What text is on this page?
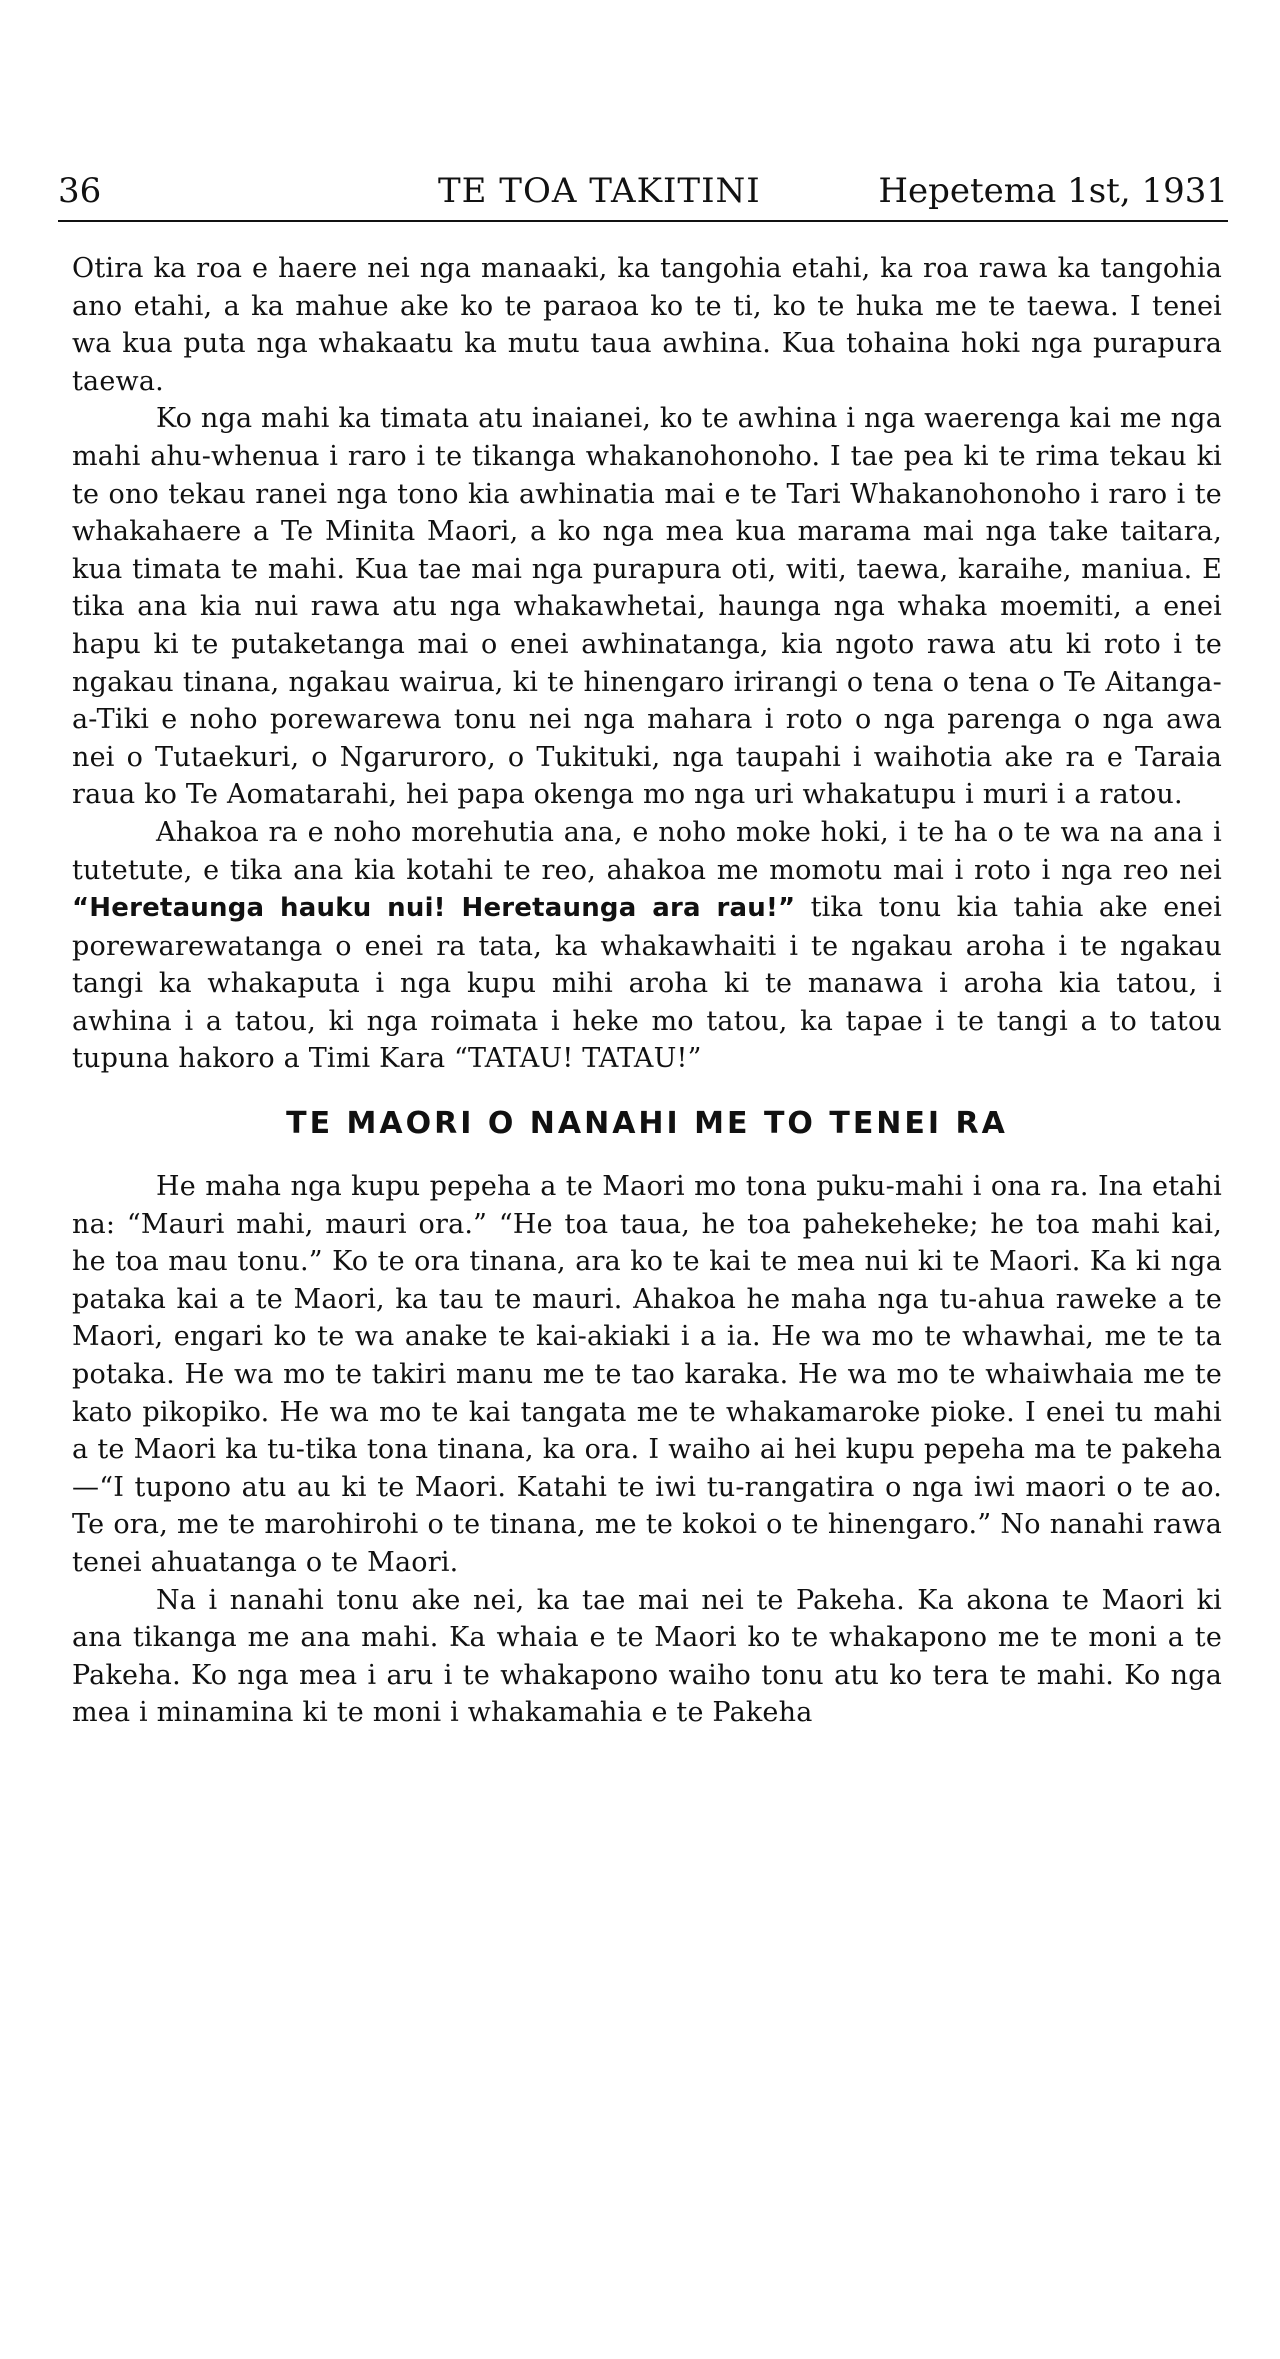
36	TE TOA TAKITINI	Hepetema 1st, 1931

Otira ka roa e haere nei nga manaaki, ka tangohia etahi, ka roa rawa ka tangohia ano etahi, a ka mahue ake ko te paraoa ko te ti, ko te huka me te taewa. I tenei wa kua puta nga whakaatu ka mutu taua awhina. Kua tohaina hoki nga purapura taewa.

Ko nga mahi ka timata atu inaianei, ko te awhina i nga waerenga kai me nga mahi ahu-whenua i raro i te tikanga whakanohonoho. I tae pea ki te rima tekau ki te ono tekau ranei nga tono kia awhinatia mai e te Tari Whakanohonoho i raro i te whakahaere a Te Minita Maori, a ko nga mea kua marama mai nga take taitara, kua timata te mahi. Kua tae mai nga purapura oti, witi, taewa, karaihe, maniua. E tika ana kia nui rawa atu nga whakawhetai, haunga nga whaka moemiti, a enei hapu ki te putaketanga mai o enei awhinatanga, kia ngoto rawa atu ki roto i te ngakau tinana, ngakau wairua, ki te hinengaro irirangi o tena o tena o Te Aitanga-a-Tiki e noho porewarewa tonu nei nga mahara i roto o nga parenga o nga awa nei o Tutaekuri, o Ngaruroro, o Tukituki, nga taupahi i waihotia ake ra e Taraia raua ko Te Aomatarahi, hei papa okenga mo nga uri whakatupu i muri i a ratou.

Ahakoa ra e noho morehutia ana, e noho moke hoki, i te ha o te wa na ana i tutetute, e tika ana kia kotahi te reo, ahakoa me momotu mai i roto i nga reo nei “Heretaunga hauku nui! Heretaunga ara rau!” tika tonu kia tahia ake enei porewarewatanga o enei ra tata, ka whakawhaiti i te ngakau aroha i te ngakau tangi ka whakaputa i nga kupu mihi aroha ki te manawa i aroha kia tatou, i awhina i a tatou, ki nga roimata i heke mo tatou, ka tapae i te tangi a to tatou tupuna hakoro a Timi Kara “TATAU! TATAU!”

TE MAORI O NANAHI ME TO TENEI RA

He maha nga kupu pepeha a te Maori mo tona puku-mahi i ona ra. Ina etahi na: “Mauri mahi, mauri ora.” “He toa taua, he toa pahekeheke; he toa mahi kai, he toa mau tonu.” Ko te ora tinana, ara ko te kai te mea nui ki te Maori. Ka ki nga pataka kai a te Maori, ka tau te mauri. Ahakoa he maha nga tu-ahua raweke a te Maori, engari ko te wa anake te kai-akiaki i a ia. He wa mo te whawhai, me te ta potaka. He wa mo te takiri manu me te tao karaka. He wa mo te whaiwhaia me te kato pikopiko. He wa mo te kai tangata me te whakamaroke pioke. I enei tu mahi a te Maori ka tu-tika tona tinana, ka ora. I waiho ai hei kupu pepeha ma te pakeha—“I tupono atu au ki te Maori. Katahi te iwi tu-rangatira o nga iwi maori o te ao. Te ora, me te marohirohi o te tinana, me te kokoi o te hinengaro.” No nanahi rawa tenei ahuatanga o te Maori.

Na i nanahi tonu ake nei, ka tae mai nei te Pakeha. Ka akona te Maori ki ana tikanga me ana mahi. Ka whaia e te Maori ko te whakapono me te moni a te Pakeha. Ko nga mea i aru i te whakapono waiho tonu atu ko tera te mahi. Ko nga mea i minamina ki te moni i whakamahia e te Pakeha
